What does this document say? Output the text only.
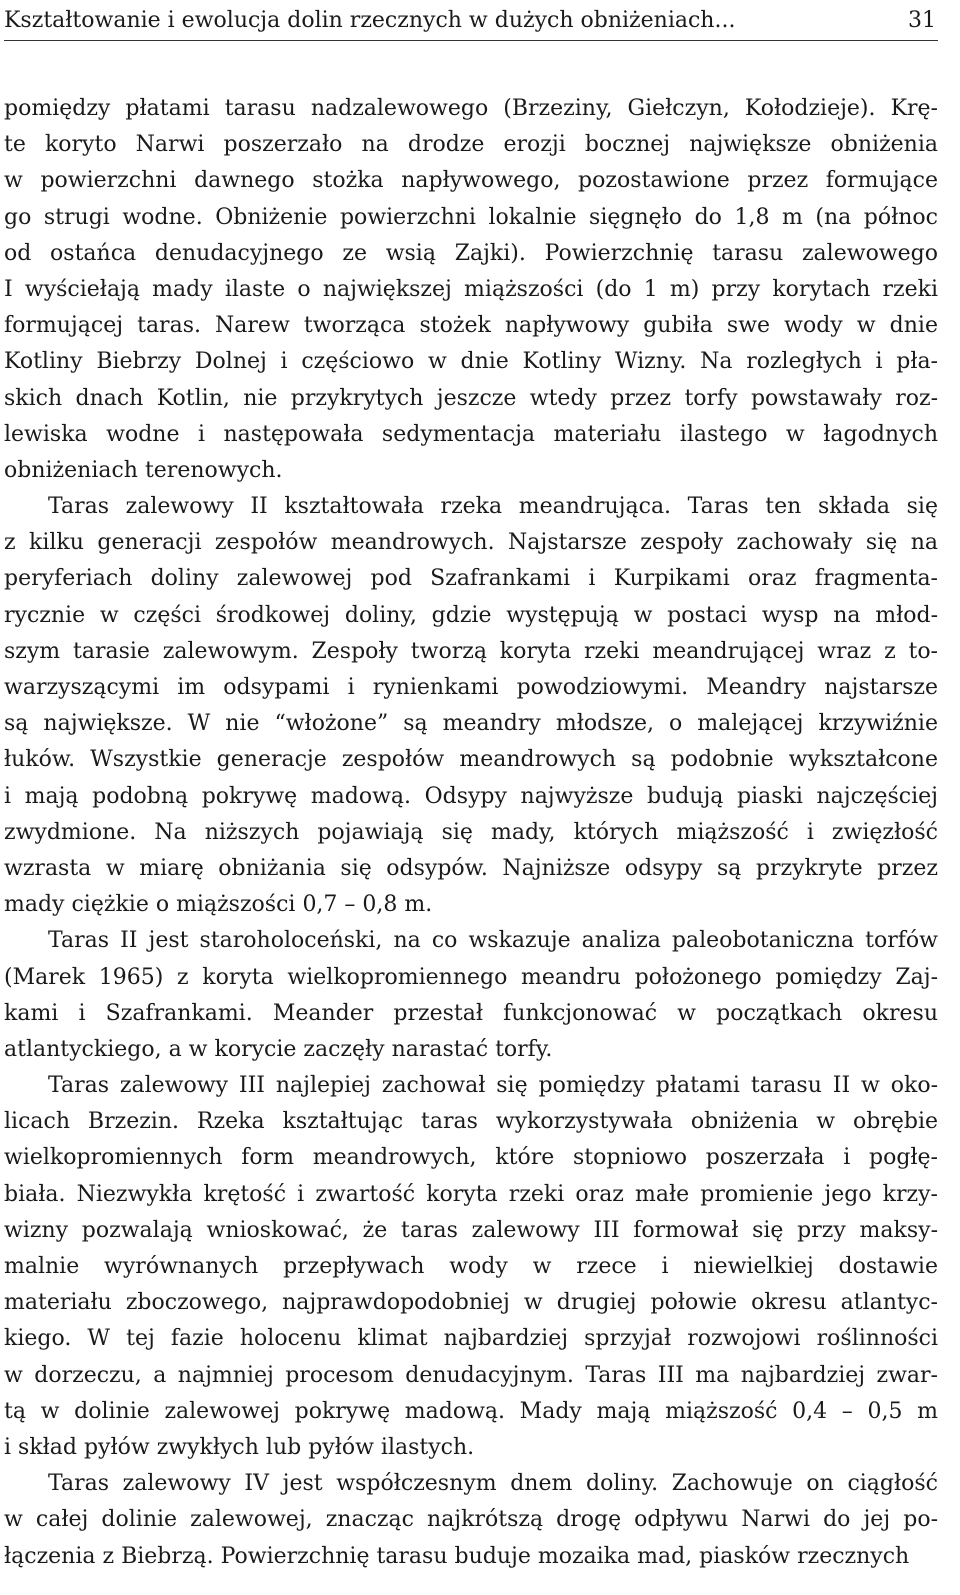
Kształtowanie i ewolucja dolin rzecznych w dużych obniżeniach...	31
pomiędzy płatami tarasu nadzalewowego (Brzeziny, Giełczyn, Kołodzieje). Krę-
te koryto Narwi poszerzało na drodze erozji bocznej największe obniżenia
w powierzchni dawnego stożka napływowego, pozostawione przez formujące
go strugi wodne. Obniżenie powierzchni lokalnie sięgnęło do 1,8 m (na północ
od ostańca denudacyjnego ze wsią Zajki). Powierzchnię tarasu zalewowego
I wyściełają mady ilaste o największej miąższości (do 1 m) przy korytach rzeki
formującej taras. Narew tworząca stożek napływowy gubiła swe wody w dnie
Kotliny Biebrzy Dolnej i częściowo w dnie Kotliny Wizny. Na rozległych i pła-
skich dnach Kotlin, nie przykrytych jeszcze wtedy przez torfy powstawały roz-
lewiska wodne i następowała sedymentacja materiału ilastego w łagodnych
obniżeniach terenowych.
Taras zalewowy II kształtowała rzeka meandrująca. Taras ten składa się
z kilku generacji zespołów meandrowych. Najstarsze zespoły zachowały się na
peryferiach doliny zalewowej pod Szafrankami i Kurpikami oraz fragmenta-
rycznie w części środkowej doliny, gdzie występują w postaci wysp na młod-
szym tarasie zalewowym. Zespoły tworzą koryta rzeki meandrującej wraz z to-
warzyszącymi im odsypami i rynienkami powodziowymi. Meandry najstarsze
są największe. W nie “włożone” są meandry młodsze, o malejącej krzywiźnie
łuków. Wszystkie generacje zespołów meandrowych są podobnie wykształcone
i mają podobną pokrywę madową. Odsypy najwyższe budują piaski najczęściej
zwydmione. Na niższych pojawiają się mady, których miąższość i zwięzłość
wzrasta w miarę obniżania się odsypów. Najniższe odsypy są przykryte przez
mady ciężkie o miąższości 0,7 – 0,8 m.
Taras II jest staroholoceński, na co wskazuje analiza paleobotaniczna torfów
(Marek 1965) z koryta wielkopromiennego meandru położonego pomiędzy Zaj-
kami i Szafrankami. Meander przestał funkcjonować w początkach okresu
atlantyckiego, a w korycie zaczęły narastać torfy.
Taras zalewowy III najlepiej zachował się pomiędzy płatami tarasu II w oko-
licach Brzezin. Rzeka kształtując taras wykorzystywała obniżenia w obrębie
wielkopromiennych form meandrowych, które stopniowo poszerzała i pogłę-
biała. Niezwykła krętość i zwartość koryta rzeki oraz małe promienie jego krzy-
wizny pozwalają wnioskować, że taras zalewowy III formował się przy maksy-
malnie wyrównanych przepływach wody w rzece i niewielkiej dostawie
materiału zboczowego, najprawdopodobniej w drugiej połowie okresu atlantyc-
kiego. W tej fazie holocenu klimat najbardziej sprzyjał rozwojowi roślinności
w dorzeczu, a najmniej procesom denudacyjnym. Taras III ma najbardziej zwar-
tą w dolinie zalewowej pokrywę madową. Mady mają miąższość 0,4 – 0,5 m
i skład pyłów zwykłych lub pyłów ilastych.
Taras zalewowy IV jest współczesnym dnem doliny. Zachowuje on ciągłość
w całej dolinie zalewowej, znacząc najkrótszą drogę odpływu Narwi do jej po-
łączenia z Biebrzą. Powierzchnię tarasu buduje mozaika mad, piasków rzecznych
